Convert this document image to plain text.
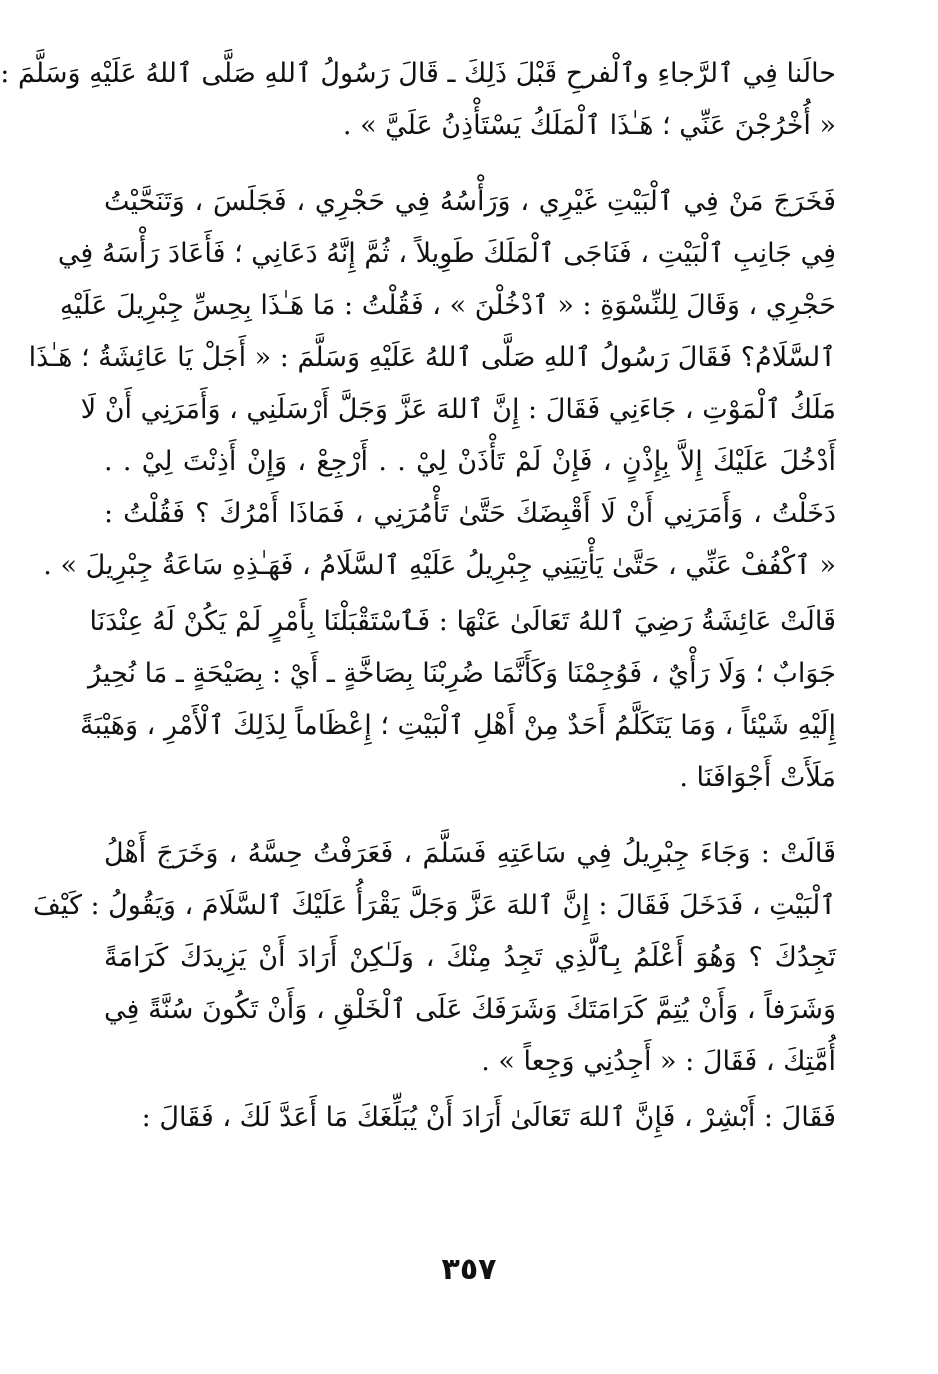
حالَنا فِي ٱلرَّجاءِ وٱلْفرحِ قَبْلَ ذَلِكَ ـ قَالَ رَسُولُ ٱللهِ صَلَّى ٱللهُ عَلَيْهِ وَسَلَّمَ :
« أُخْرُجْنَ عَنِّي ؛ هَـٰذَا ٱلْمَلَكُ يَسْتَأْذِنُ عَلَيَّ » .
فَخَرَجَ مَنْ فِي ٱلْبَيْتِ غَيْرِي ، وَرَأْسُهُ فِي حَجْرِي ، فَجَلَسَ ، وَتَنَحَّيْتُ
فِي جَانِبِ ٱلْبَيْتِ ، فَنَاجَى ٱلْمَلَكَ طَوِيلاً ، ثُمَّ إِنَّهُ دَعَانِي ؛ فَأَعَادَ رَأْسَهُ فِي
حَجْرِي ، وَقَالَ لِلنِّسْوَةِ : « ٱدْخُلْنَ » ، فَقُلْتُ : مَا هَـٰذَا بِحِسِّ جِبْرِيلَ عَلَيْهِ
ٱلسَّلَامُ؟ فَقَالَ رَسُولُ ٱللهِ صَلَّى ٱللهُ عَلَيْهِ وَسَلَّمَ : « أَجَلْ يَا عَائِشَةُ ؛ هَـٰذَا
مَلَكُ ٱلْمَوْتِ ، جَاءَنِي فَقَالَ : إِنَّ ٱللهَ عَزَّ وَجَلَّ أَرْسَلَنِي ، وَأَمَرَنِي أَنْ لَا
أَدْخُلَ عَلَيْكَ إِلاَّ بِإِذْنٍ ، فَإِنْ لَمْ تَأْذَنْ لِيْ . . أَرْجِعْ ، وَإِنْ أَذِنْتَ لِيْ . .
دَخَلْتُ ، وَأَمَرَنِي أَنْ لَا أَقْبِضَكَ حَتَّىٰ تَأْمُرَنِي ، فَمَاذَا أَمْرُكَ ؟ فَقُلْتُ :
« ٱكْفُفْ عَنِّي ، حَتَّىٰ يَأْتِيَنِي جِبْرِيلُ عَلَيْهِ ٱلسَّلَامُ ، فَهَـٰذِهِ سَاعَةُ جِبْرِيلَ » .
قَالَتْ عَائِشَةُ رَضِيَ ٱللهُ تَعَالَىٰ عَنْهَا : فَٱسْتَقْبَلْنَا بِأَمْرٍ لَمْ يَكُنْ لَهُ عِنْدَنَا
جَوَابٌ ؛ وَلَا رَأْيٌ ، فَوُجِمْنَا وَكَأَنَّمَا ضُرِبْنَا بِصَاخَّةٍ ـ أَيْ : بِصَيْحَةٍ ـ مَا نُحِيرُ
إِلَيْهِ شَيْئاً ، وَمَا يَتَكَلَّمُ أَحَدٌ مِنْ أَهْلِ ٱلْبَيْتِ ؛ إِعْظَاماً لِذَلِكَ ٱلْأَمْرِ ، وَهَيْبَةً
مَلَأَتْ أَجْوَافَنَا .
قَالَتْ : وَجَاءَ جِبْرِيلُ فِي سَاعَتِهِ فَسَلَّمَ ، فَعَرَفْتُ حِسَّهُ ، وَخَرَجَ أَهْلُ
ٱلْبَيْتِ ، فَدَخَلَ فَقَالَ : إِنَّ ٱللهَ عَزَّ وَجَلَّ يَقْرَأُ عَلَيْكَ ٱلسَّلَامَ ، وَيَقُولُ : كَيْفَ
تَجِدُكَ ؟ وَهُوَ أَعْلَمُ بِٱلَّذِي تَجِدُ مِنْكَ ، وَلَـٰكِنْ أَرَادَ أَنْ يَزِيدَكَ كَرَامَةً
وَشَرَفاً ، وَأَنْ يُتِمَّ كَرَامَتَكَ وَشَرَفَكَ عَلَى ٱلْخَلْقِ ، وَأَنْ تَكُونَ سُنَّةً فِي
أُمَّتِكَ ، فَقَالَ : « أَجِدُنِي وَجِعاً » .
فَقَالَ : أَبْشِرْ ، فَإِنَّ ٱللهَ تَعَالَىٰ أَرَادَ أَنْ يُبَلِّغَكَ مَا أَعَدَّ لَكَ ، فَقَالَ :
٣٥٧
